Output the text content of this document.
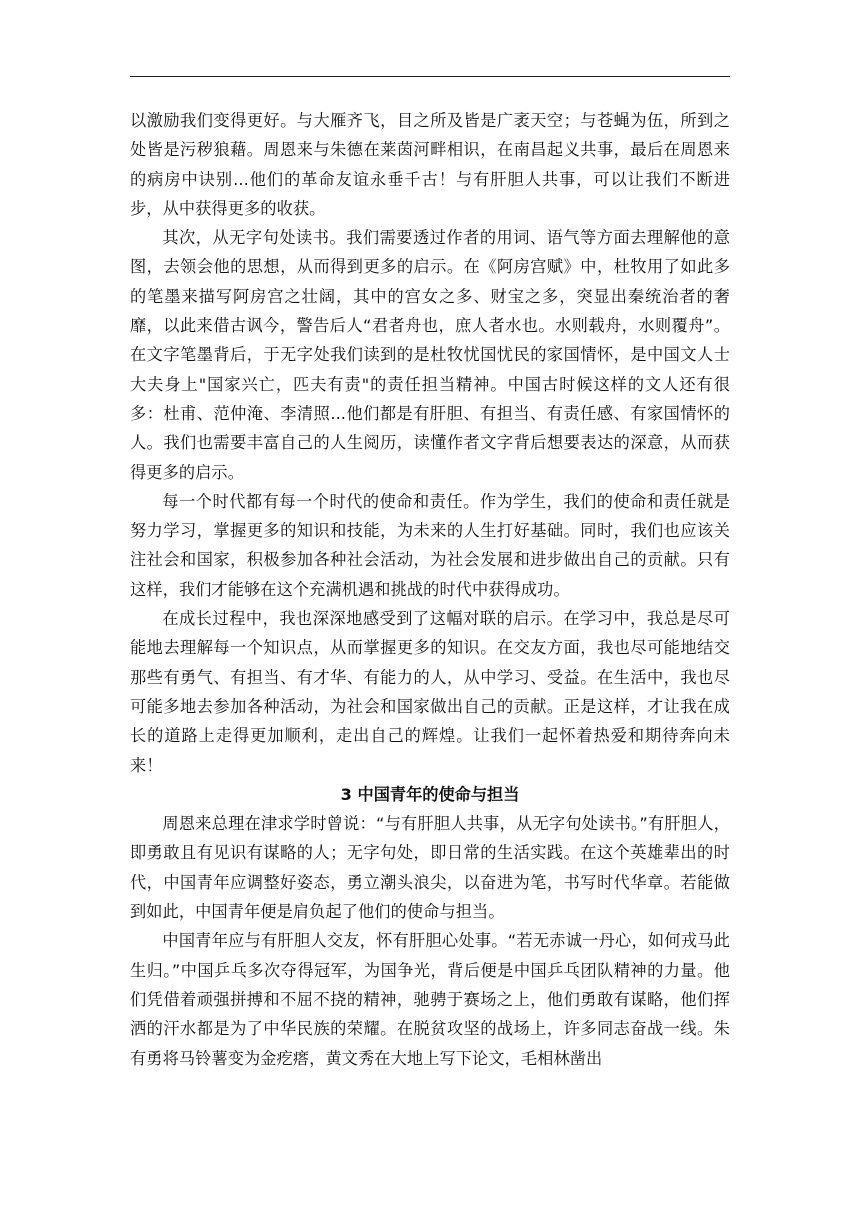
以激励我们变得更好。与大雁齐飞，目之所及皆是广袤天空；与苍蝇为伍，所到之处皆是污秽狼藉。周恩来与朱德在莱茵河畔相识，在南昌起义共事，最后在周恩来的病房中诀别...他们的革命友谊永垂千古！与有肝胆人共事，可以让我们不断进步，从中获得更多的收获。

其次，从无字句处读书。我们需要透过作者的用词、语气等方面去理解他的意图，去领会他的思想，从而得到更多的启示。在《阿房宫赋》中，杜牧用了如此多的笔墨来描写阿房宫之壮阔，其中的宫女之多、财宝之多，突显出秦统治者的奢靡，以此来借古讽今，警告后人“君者舟也，庶人者水也。水则载舟，水则覆舟”。在文字笔墨背后，于无字处我们读到的是杜牧忧国忧民的家国情怀，是中国文人士大夫身上"国家兴亡，匹夫有责"的责任担当精神。中国古时候这样的文人还有很多：杜甫、范仲淹、李清照...他们都是有肝胆、有担当、有责任感、有家国情怀的人。我们也需要丰富自己的人生阅历，读懂作者文字背后想要表达的深意，从而获得更多的启示。

每一个时代都有每一个时代的使命和责任。作为学生，我们的使命和责任就是努力学习，掌握更多的知识和技能，为未来的人生打好基础。同时，我们也应该关注社会和国家，积极参加各种社会活动，为社会发展和进步做出自己的贡献。只有这样，我们才能够在这个充满机遇和挑战的时代中获得成功。

在成长过程中，我也深深地感受到了这幅对联的启示。在学习中，我总是尽可能地去理解每一个知识点，从而掌握更多的知识。在交友方面，我也尽可能地结交那些有勇气、有担当、有才华、有能力的人，从中学习、受益。在生活中，我也尽可能多地去参加各种活动，为社会和国家做出自己的贡献。正是这样，才让我在成长的道路上走得更加顺利，走出自己的辉煌。让我们一起怀着热爱和期待奔向未来！

3 中国青年的使命与担当

周恩来总理在津求学时曾说：“与有肝胆人共事，从无字句处读书。”有肝胆人，即勇敢且有见识有谋略的人；无字句处，即日常的生活实践。在这个英雄辈出的时代，中国青年应调整好姿态，勇立潮头浪尖，以奋进为笔，书写时代华章。若能做到如此，中国青年便是肩负起了他们的使命与担当。

中国青年应与有肝胆人交友，怀有肝胆心处事。“若无赤诚一丹心，如何戎马此生归。”中国乒乓多次夺得冠军，为国争光，背后便是中国乒乓团队精神的力量。他们凭借着顽强拼搏和不屈不挠的精神，驰骋于赛场之上，他们勇敢有谋略，他们挥洒的汗水都是为了中华民族的荣耀。在脱贫攻坚的战场上，许多同志奋战一线。朱有勇将马铃薯变为金疙瘩，黄文秀在大地上写下论文，毛相林凿出
